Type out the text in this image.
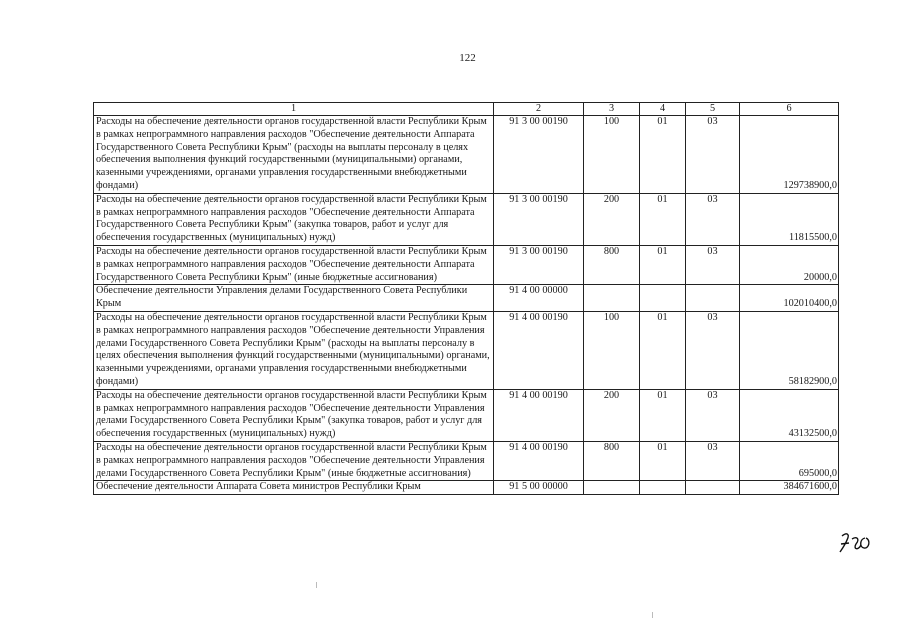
122
1	2	3	4	5	6
Расходы на обеспечение деятельности органов государственной власти Республики Крым в рамках непрограммного направления расходов "Обеспечение деятельности Аппарата Государственного Совета Республики Крым" (расходы на выплаты персоналу в целях обеспечения выполнения функций государственными (муниципальными) органами, казенными учреждениями, органами управления государственными внебюджетными фондами)	91 3 00 00190	100	01	03	129738900,0
Расходы на обеспечение деятельности органов государственной власти Республики Крым в рамках непрограммного направления расходов "Обеспечение деятельности Аппарата Государственного Совета Республики Крым" (закупка товаров, работ и услуг для обеспечения государственных (муниципальных) нужд)	91 3 00 00190	200	01	03	11815500,0
Расходы на обеспечение деятельности органов государственной власти Республики Крым в рамках непрограммного направления расходов "Обеспечение деятельности Аппарата Государственного Совета Республики Крым" (иные бюджетные ассигнования)	91 3 00 00190	800	01	03	20000,0
Обеспечение деятельности Управления делами Государственного Совета Республики Крым	91 4 00 00000				102010400,0
Расходы на обеспечение деятельности органов государственной власти Республики Крым в рамках непрограммного направления расходов "Обеспечение деятельности Управления делами Государственного Совета Республики Крым" (расходы на выплаты персоналу в целях обеспечения выполнения функций государственными (муниципальными) органами, казенными учреждениями, органами управления государственными внебюджетными фондами)	91 4 00 00190	100	01	03	58182900,0
Расходы на обеспечение деятельности органов государственной власти Республики Крым в рамках непрограммного направления расходов "Обеспечение деятельности Управления делами Государственного Совета Республики Крым" (закупка товаров, работ и услуг для обеспечения государственных (муниципальных) нужд)	91 4 00 00190	200	01	03	43132500,0
Расходы на обеспечение деятельности органов государственной власти Республики Крым в рамках непрограммного направления расходов "Обеспечение деятельности Управления делами Государственного Совета Республики Крым" (иные бюджетные ассигнования)	91 4 00 00190	800	01	03	695000,0
Обеспечение деятельности Аппарата Совета министров Республики Крым	91 5 00 00000				384671600,0
